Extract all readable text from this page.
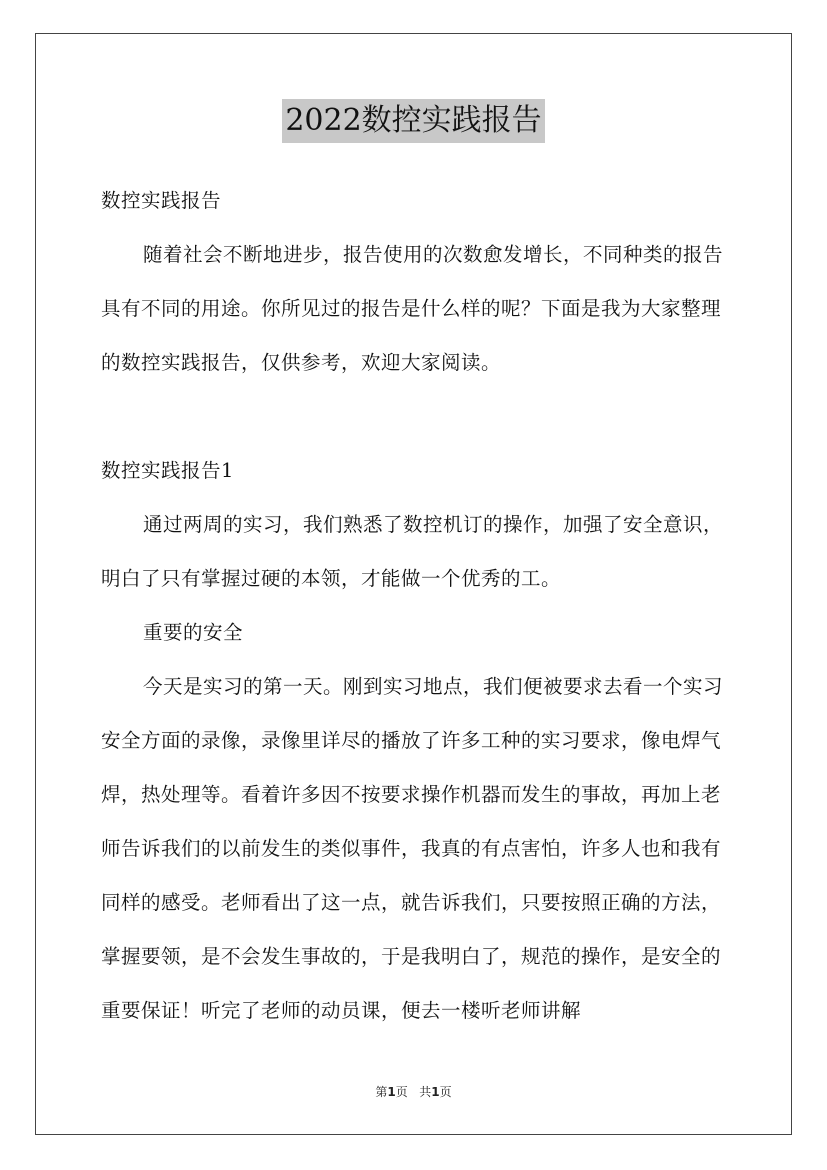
2022数控实践报告

数控实践报告

随着社会不断地进步，报告使用的次数愈发增长，不同种类的报告具有不同的用途。你所见过的报告是什么样的呢？下面是我为大家整理的数控实践报告，仅供参考，欢迎大家阅读。

数控实践报告1

通过两周的实习，我们熟悉了数控机订的操作，加强了安全意识，明白了只有掌握过硬的本领，才能做一个优秀的工。

重要的安全

今天是实习的第一天。刚到实习地点，我们便被要求去看一个实习安全方面的录像，录像里详尽的播放了许多工种的实习要求，像电焊气焊，热处理等。看着许多因不按要求操作机器而发生的事故，再加上老师告诉我们的以前发生的类似事件，我真的有点害怕，许多人也和我有同样的感受。老师看出了这一点，就告诉我们，只要按照正确的方法，掌握要领，是不会发生事故的，于是我明白了，规范的操作，是安全的重要保证！听完了老师的动员课，便去一楼听老师讲解

第1页 共1页
